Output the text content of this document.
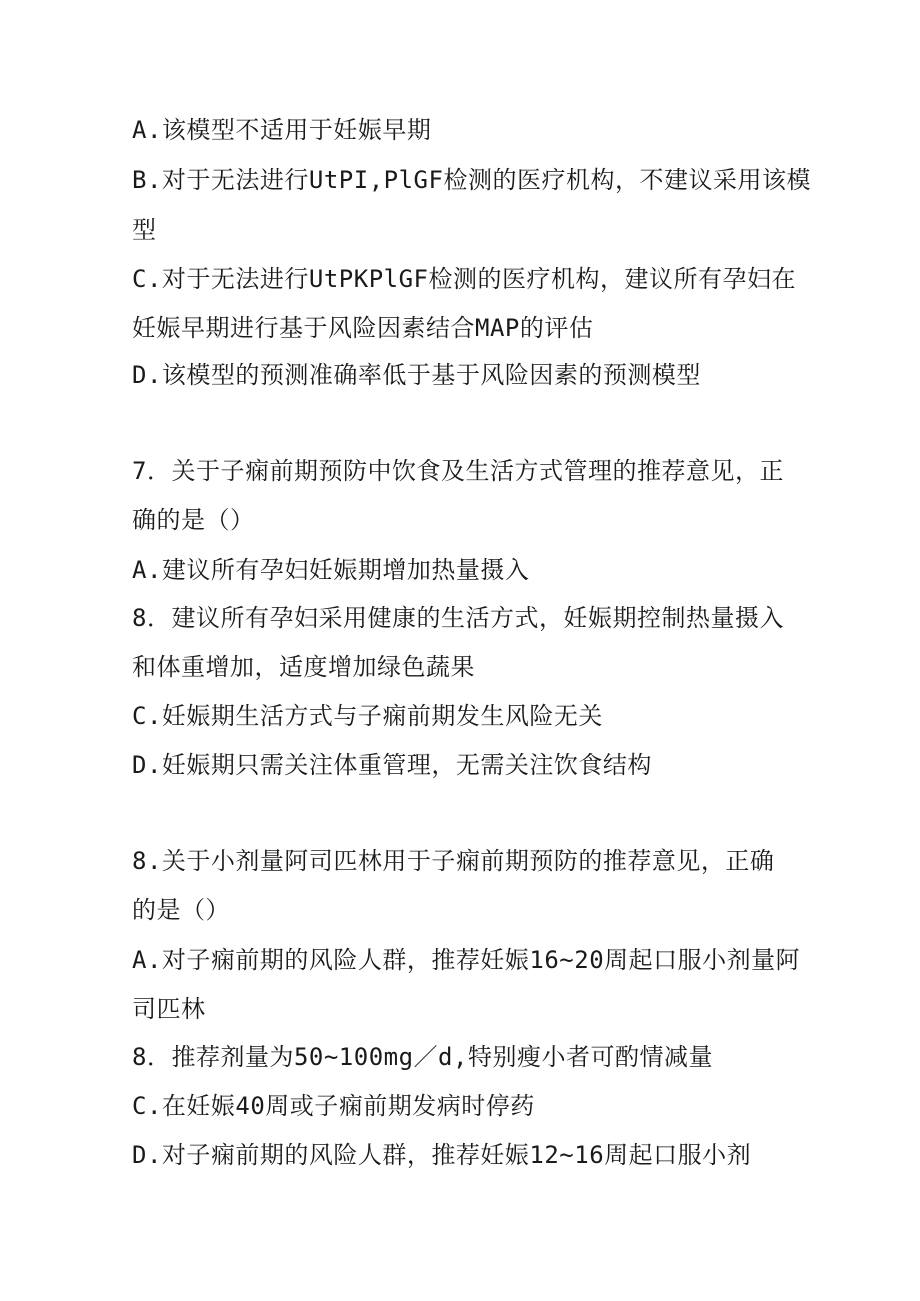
A.该模型不适用于妊娠早期
B.对于无法进行UtPI,PlGF检测的医疗机构，不建议采用该模
型
C.对于无法进行UtPKPlGF检测的医疗机构，建议所有孕妇在
妊娠早期进行基于风险因素结合MAP的评估
D.该模型的预测准确率低于基于风险因素的预测模型
7．关于子痫前期预防中饮食及生活方式管理的推荐意见，正
确的是（）
A.建议所有孕妇妊娠期增加热量摄入
8．建议所有孕妇采用健康的生活方式，妊娠期控制热量摄入
和体重增加，适度增加绿色蔬果
C.妊娠期生活方式与子痫前期发生风险无关
D.妊娠期只需关注体重管理，无需关注饮食结构
8.关于小剂量阿司匹林用于子痫前期预防的推荐意见，正确
的是（）
A.对子痫前期的风险人群，推荐妊娠16~20周起口服小剂量阿
司匹林
8．推荐剂量为50~100mg／d,特别瘦小者可酌情减量
C.在妊娠40周或子痫前期发病时停药
D.对子痫前期的风险人群，推荐妊娠12~16周起口服小剂
